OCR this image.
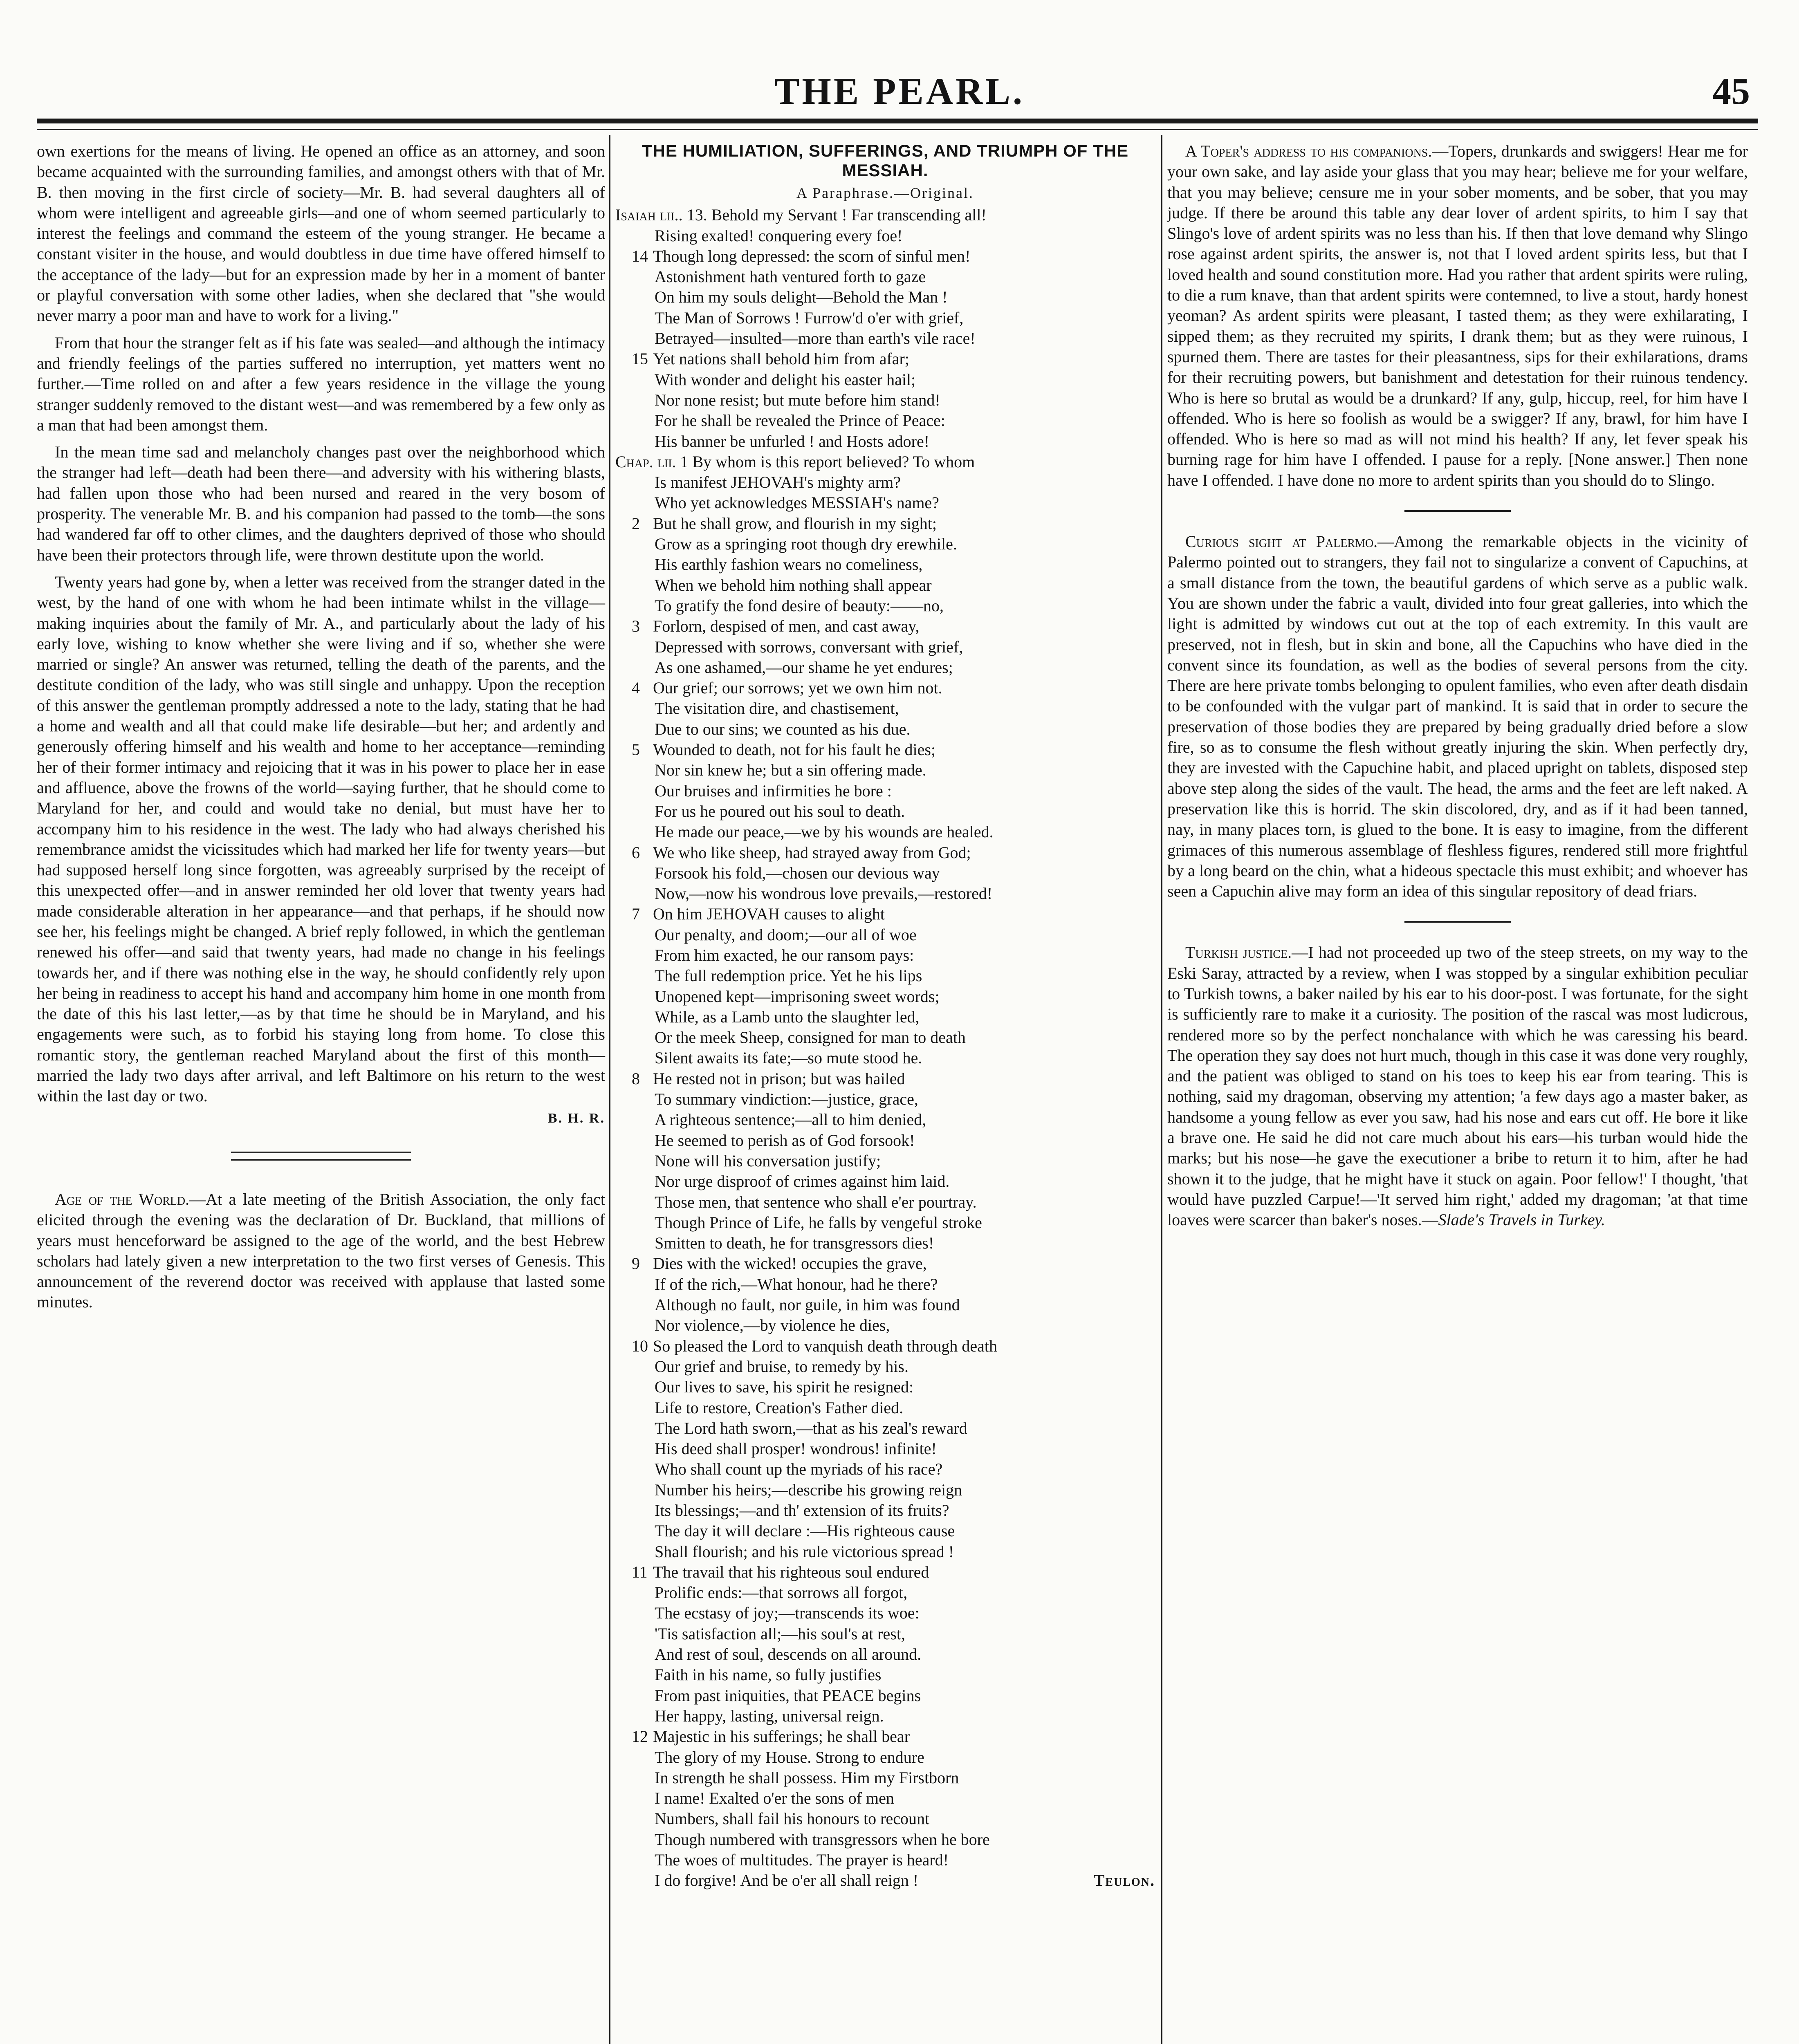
THE PEARL.	45

own exertions for the means of living. He opened an office as an attorney, and soon became acquainted with the surrounding families, and amongst others with that of Mr. B. then moving in the first circle of society—Mr. B. had several daughters all of whom were intelligent and agreeable girls—and one of whom seemed particularly to interest the feelings and command the esteem of the young stranger. He became a constant visiter in the house, and would doubtless in due time have offered himself to the acceptance of the lady—but for an expression made by her in a moment of banter or playful conversation with some other ladies, when she declared that "she would never marry a poor man and have to work for a living."

From that hour the stranger felt as if his fate was sealed—and although the intimacy and friendly feelings of the parties suffered no interruption, yet matters went no further.—Time rolled on and after a few years residence in the village the young stranger suddenly removed to the distant west—and was remembered by a few only as a man that had been amongst them.

In the mean time sad and melancholy changes past over the neighborhood which the stranger had left—death had been there—and adversity with his withering blasts, had fallen upon those who had been nursed and reared in the very bosom of prosperity. The venerable Mr. B. and his companion had passed to the tomb—the sons had wandered far off to other climes, and the daughters deprived of those who should have been their protectors through life, were thrown destitute upon the world.

Twenty years had gone by, when a letter was received from the stranger dated in the west, by the hand of one with whom he had been intimate whilst in the village—making inquiries about the family of Mr. A., and particularly about the lady of his early love, wishing to know whether she were living and if so, whether she were married or single? An answer was returned, telling the death of the parents, and the destitute condition of the lady, who was still single and unhappy. Upon the reception of this answer the gentleman promptly addressed a note to the lady, stating that he had a home and wealth and all that could make life desirable—but her; and ardently and generously offering himself and his wealth and home to her acceptance—reminding her of their former intimacy and rejoicing that it was in his power to place her in ease and affluence, above the frowns of the world—saying further, that he should come to Maryland for her, and could and would take no denial, but must have her to accompany him to his residence in the west. The lady who had always cherished his remembrance amidst the vicissitudes which had marked her life for twenty years—but had supposed herself long since forgotten, was agreeably surprised by the receipt of this unexpected offer—and in answer reminded her old lover that twenty years had made considerable alteration in her appearance—and that perhaps, if he should now see her, his feelings might be changed. A brief reply followed, in which the gentleman renewed his offer—and said that twenty years, had made no change in his feelings towards her, and if there was nothing else in the way, he should confidently rely upon her being in readiness to accept his hand and accompany him home in one month from the date of this his last letter,—as by that time he should be in Maryland, and his engagements were such, as to forbid his staying long from home. To close this romantic story, the gentleman reached Maryland about the first of this month—married the lady two days after arrival, and left Baltimore on his return to the west within the last day or two.

B. H. R.

Age of the World.—At a late meeting of the British Association, the only fact elicited through the evening was the declaration of Dr. Buckland, that millions of years must henceforward be assigned to the age of the world, and the best Hebrew scholars had lately given a new interpretation to the two first verses of Genesis. This announcement of the reverend doctor was received with applause that lasted some minutes.

THE HUMILIATION, SUFFERINGS, AND TRIUMPH OF THE MESSIAH.
A Paraphrase.—Original.
Isaiah lii.. 13. Behold my Servant ! Far transcending all!
Rising exalted! conquering every foe!
14 Though long depressed: the scorn of sinful men!
Astonishment hath ventured forth to gaze
On him my souls delight—Behold the Man !
The Man of Sorrows ! Furrow'd o'er with grief,
Betrayed—insulted—more than earth's vile race!
15 Yet nations shall behold him from afar;
With wonder and delight his easter hail;
Nor none resist; but mute before him stand!
For he shall be revealed the Prince of Peace:
His banner be unfurled ! and Hosts adore!
Chap. lii. 1 By whom is this report believed? To whom
Is manifest JEHOVAH's mighty arm?
Who yet acknowledges MESSIAH's name?
2 But he shall grow, and flourish in my sight;
Grow as a springing root though dry erewhile.
His earthly fashion wears no comeliness,
When we behold him nothing shall appear
To gratify the fond desire of beauty:——no,
3 Forlorn, despised of men, and cast away,
Depressed with sorrows, conversant with grief,
As one ashamed,—our shame he yet endures;
4 Our grief; our sorrows; yet we own him not.
The visitation dire, and chastisement,
Due to our sins; we counted as his due.
5 Wounded to death, not for his fault he dies;
Nor sin knew he; but a sin offering made.
Our bruises and infirmities he bore :
For us he poured out his soul to death.
He made our peace,—we by his wounds are healed.
6 We who like sheep, had strayed away from God;
Forsook his fold,—chosen our devious way
Now,—now his wondrous love prevails,—restored!
7 On him JEHOVAH causes to alight
Our penalty, and doom;—our all of woe
From him exacted, he our ransom pays:
The full redemption price. Yet he his lips
Unopened kept—imprisoning sweet words;
While, as a Lamb unto the slaughter led,
Or the meek Sheep, consigned for man to death
Silent awaits its fate;—so mute stood he.
8 He rested not in prison; but was hailed
To summary vindiction:—justice, grace,
A righteous sentence;—all to him denied,
He seemed to perish as of God forsook!
None will his conversation justify;
Nor urge disproof of crimes against him laid.
Those men, that sentence who shall e'er pourtray.
Though Prince of Life, he falls by vengeful stroke
Smitten to death, he for transgressors dies!
9 Dies with the wicked! occupies the grave,
If of the rich,—What honour, had he there?
Although no fault, nor guile, in him was found
Nor violence,—by violence he dies,
10 So pleased the Lord to vanquish death through death
Our grief and bruise, to remedy by his.
Our lives to save, his spirit he resigned:
Life to restore, Creation's Father died.
The Lord hath sworn,—that as his zeal's reward
His deed shall prosper! wondrous! infinite!
Who shall count up the myriads of his race?
Number his heirs;—describe his growing reign
Its blessings;—and th' extension of its fruits?
The day it will declare :—His righteous cause
Shall flourish; and his rule victorious spread !
11 The travail that his righteous soul endured
Prolific ends:—that sorrows all forgot,
The ecstasy of joy;—transcends its woe:
'Tis satisfaction all;—his soul's at rest,
And rest of soul, descends on all around.
Faith in his name, so fully justifies
From past iniquities, that PEACE begins
Her happy, lasting, universal reign.
12 Majestic in his sufferings; he shall bear
The glory of my House. Strong to endure
In strength he shall possess. Him my Firstborn
I name! Exalted o'er the sons of men
Numbers, shall fail his honours to recount
Though numbered with transgressors when he bore
The woes of multitudes. The prayer is heard!
I do forgive! And be o'er all shall reign !	Teulon.

A Toper's address to his companions.—Topers, drunkards and swiggers! Hear me for your own sake, and lay aside your glass that you may hear; believe me for your welfare, that you may believe; censure me in your sober moments, and be sober, that you may judge. If there be around this table any dear lover of ardent spirits, to him I say that Slingo's love of ardent spirits was no less than his. If then that love demand why Slingo rose against ardent spirits, the answer is, not that I loved ardent spirits less, but that I loved health and sound constitution more. Had you rather that ardent spirits were ruling, to die a rum knave, than that ardent spirits were contemned, to live a stout, hardy honest yeoman? As ardent spirits were pleasant, I tasted them; as they were exhilarating, I sipped them; as they recruited my spirits, I drank them; but as they were ruinous, I spurned them. There are tastes for their pleasantness, sips for their exhilarations, drams for their recruiting powers, but banishment and detestation for their ruinous tendency. Who is here so brutal as would be a drunkard? If any, gulp, hiccup, reel, for him have I offended. Who is here so foolish as would be a swigger? If any, brawl, for him have I offended. Who is here so mad as will not mind his health? If any, let fever speak his burning rage for him have I offended. I pause for a reply. [None answer.] Then none have I offended. I have done no more to ardent spirits than you should do to Slingo.

Curious sight at Palermo.—Among the remarkable objects in the vicinity of Palermo pointed out to strangers, they fail not to singularize a convent of Capuchins, at a small distance from the town, the beautiful gardens of which serve as a public walk. You are shown under the fabric a vault, divided into four great galleries, into which the light is admitted by windows cut out at the top of each extremity. In this vault are preserved, not in flesh, but in skin and bone, all the Capuchins who have died in the convent since its foundation, as well as the bodies of several persons from the city. There are here private tombs belonging to opulent families, who even after death disdain to be confounded with the vulgar part of mankind. It is said that in order to secure the preservation of those bodies they are prepared by being gradually dried before a slow fire, so as to consume the flesh without greatly injuring the skin. When perfectly dry, they are invested with the Capuchine habit, and placed upright on tablets, disposed step above step along the sides of the vault. The head, the arms and the feet are left naked. A preservation like this is horrid. The skin discolored, dry, and as if it had been tanned, nay, in many places torn, is glued to the bone. It is easy to imagine, from the different grimaces of this numerous assemblage of fleshless figures, rendered still more frightful by a long beard on the chin, what a hideous spectacle this must exhibit; and whoever has seen a Capuchin alive may form an idea of this singular repository of dead friars.

Turkish justice.—I had not proceeded up two of the steep streets, on my way to the Eski Saray, attracted by a review, when I was stopped by a singular exhibition peculiar to Turkish towns, a baker nailed by his ear to his door-post. I was fortunate, for the sight is sufficiently rare to make it a curiosity. The position of the rascal was most ludicrous, rendered more so by the perfect nonchalance with which he was caressing his beard. The operation they say does not hurt much, though in this case it was done very roughly, and the patient was obliged to stand on his toes to keep his ear from tearing. This is nothing, said my dragoman, observing my attention; 'a few days ago a master baker, as handsome a young fellow as ever you saw, had his nose and ears cut off. He bore it like a brave one. He said he did not care much about his ears—his turban would hide the marks; but his nose—he gave the executioner a bribe to return it to him, after he had shown it to the judge, that he might have it stuck on again. Poor fellow!' I thought, 'that would have puzzled Carpue!—'It served him right,' added my dragoman; 'at that time loaves were scarcer than baker's noses.—Slade's Travels in Turkey.
